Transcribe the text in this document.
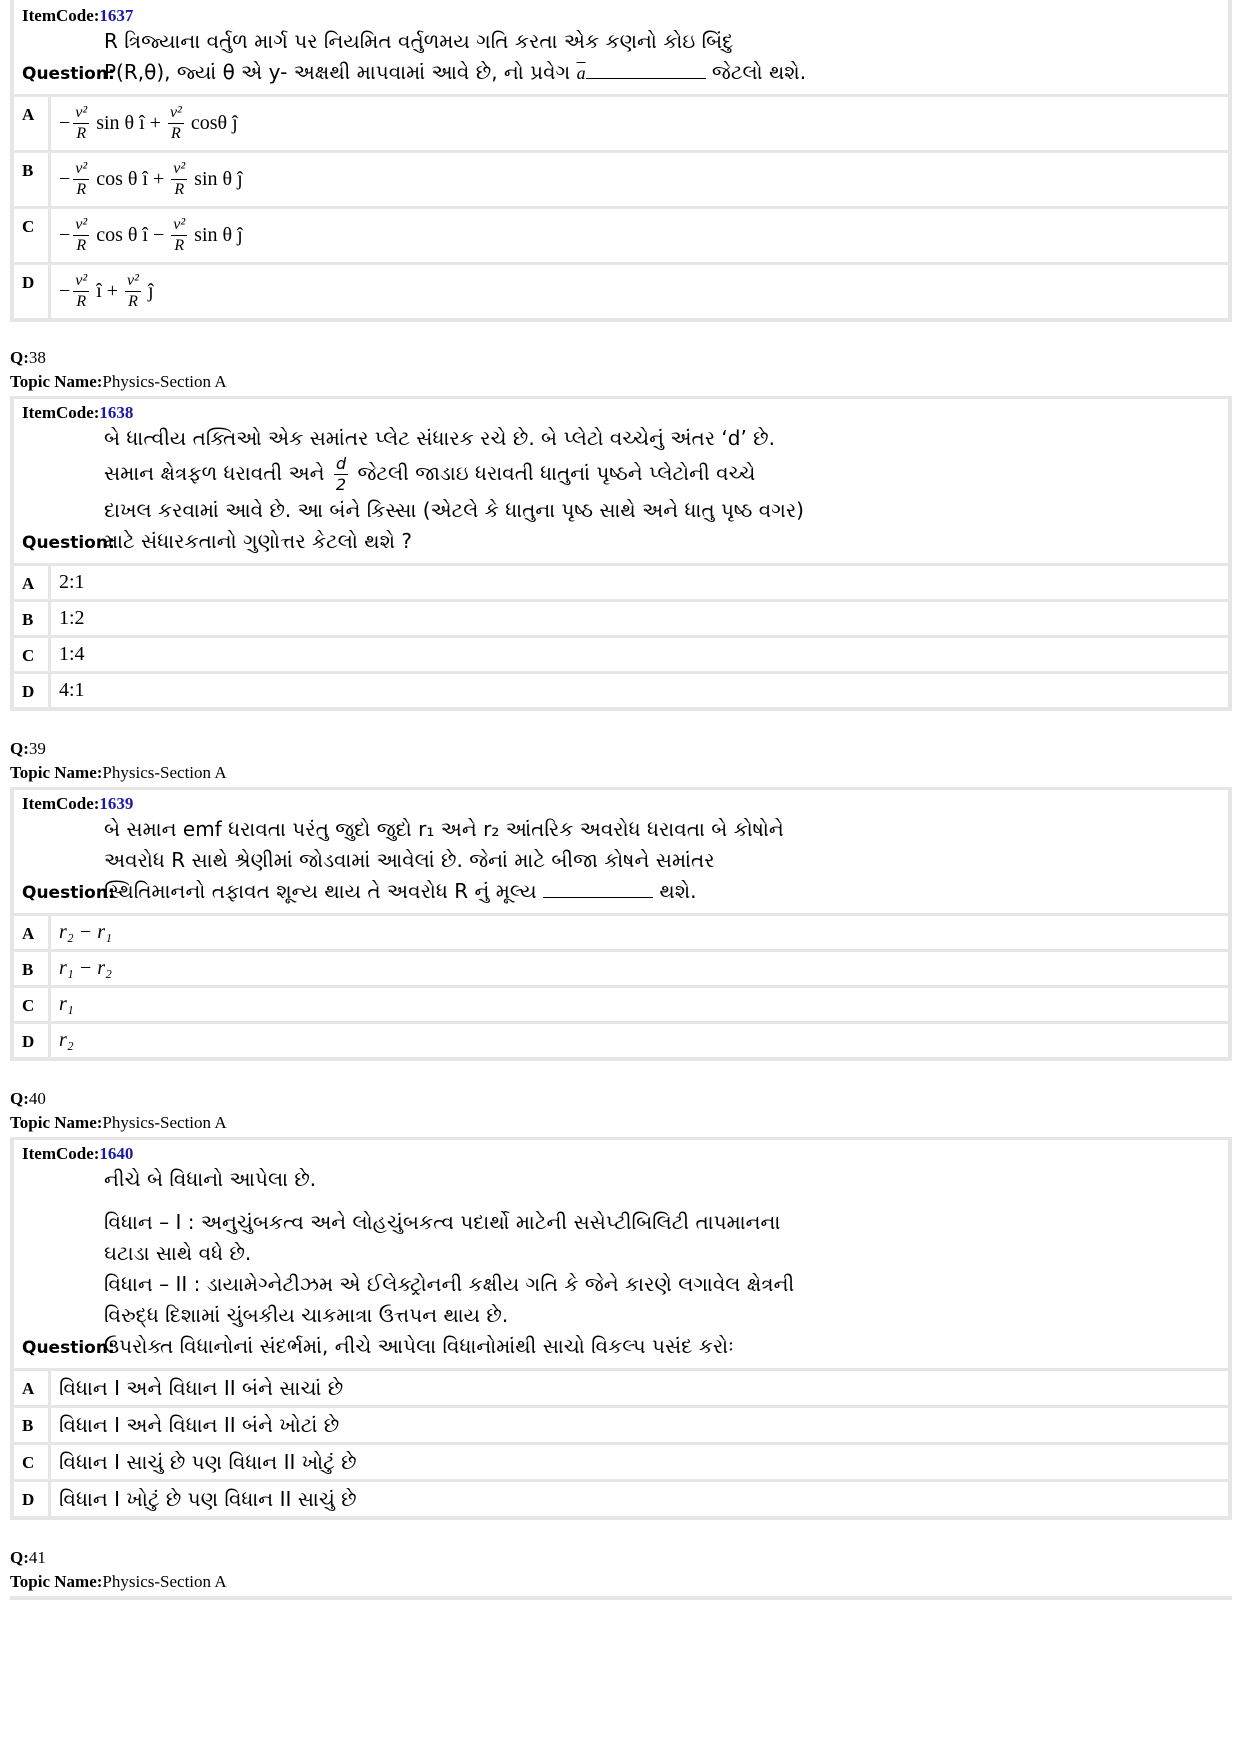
ItemCode:1637
R ત્રિજ્યાના વર્તુળ માર્ગ પર નિયમિત વર્તુળમય ગતિ કરતા એક કણનો કોઇ બિંદુ
Question:P(R,θ), જ્યાં θ એ y- અક્ષથી માપવામાં આવે છે, નો પ્રવેગ $\overline{a}$	જેટલો થશે.
A	− $\frac{\text{v²}}{R}$ sin θ î + $\frac{\text{v²}}{R}$ cosθ ĵ
B	− $\frac{\text{v²}}{R}$ cos θ î + $\frac{\text{v²}}{R}$ sin θ ĵ
C	− $\frac{\text{v²}}{R}$ cos θ î − $\frac{\text{v²}}{R}$ sin θ ĵ
D	− $\frac{\text{v²}}{R}$ î + $\frac{\text{v²}}{R}$ ĵ
Q:38
Topic Name:Physics-Section A
ItemCode:1638
બે ધાત્વીય તક્તિઓ એક સમાંતર પ્લેટ સંધારક રચે છે. બે પ્લેટો વચ્ચેનું અંતર ‘d’ છે.
સમાન ક્ષેત્રફળ ધરાવતી અને $\frac{d}{2}$ જેટલી જાડાઇ ધરાવતી ધાતુનાં પૃષ્ઠને પ્લેટોની વચ્ચે
દાખલ કરવામાં આવે છે. આ બંને કિસ્સા (એટલે કે ધાતુના પૃષ્ઠ સાથે અને ધાતુ પૃષ્ઠ વગર)
Question:માટે સંધારકતાનો ગુણોત્તર કેટલો થશે ?
A	2:1
B	1:2
C	1:4
D	4:1
Q:39
Topic Name:Physics-Section A
ItemCode:1639
બે સમાન emf ધરાવતા પરંતુ જુદો જુદો r₁ અને r₂ આંતરિક અવરોધ ધરાવતા બે કોષોને
અવરોધ R સાથે શ્રેણીમાં જોડવામાં આવેલાં છે. જેનાં માટે બીજા કોષને સમાંતર
Question:સ્થિતિમાનનો તફાવત શૂન્ય થાય તે અવરોધ R નું મૂલ્ય	થશે.
A	r₂ − r₁
B	r₁ − r₂
C	r₁
D	r₂
Q:40
Topic Name:Physics-Section A
ItemCode:1640
નીચે બે વિધાનો આપેલા છે.
વિધાન – I : અનુચુંબકત્વ અને લોહચુંબકત્વ પદાર્થો માટેની સસેપ્ટીબિલિટી તાપમાનના
ઘટાડા સાથે વધે છે.
વિધાન – II : ડાયામેગ્નેટીઝમ એ ઈલેક્ટ્રોનની કક્ષીય ગતિ કે જેને કારણે લગાવેલ ક્ષેત્રની
વિરુદ્ધ દિશામાં ચુંબકીય ચાકમાત્રા ઉત્તપન થાય છે.
Question:ઉપરોક્ત વિધાનોનાં સંદર્ભમાં, નીચે આપેલા વિધાનોમાંથી સાચો વિકલ્પ પસંદ કરોઃ
A	વિધાન I અને વિધાન II બંને સાચાં છે
B	વિધાન I અને વિધાન II બંને ખોટાં છે
C	વિધાન I સાચું છે પણ વિધાન II ખોટું છે
D	વિધાન I ખોટું છે પણ વિધાન II સાચું છે
Q:41
Topic Name:Physics-Section A
